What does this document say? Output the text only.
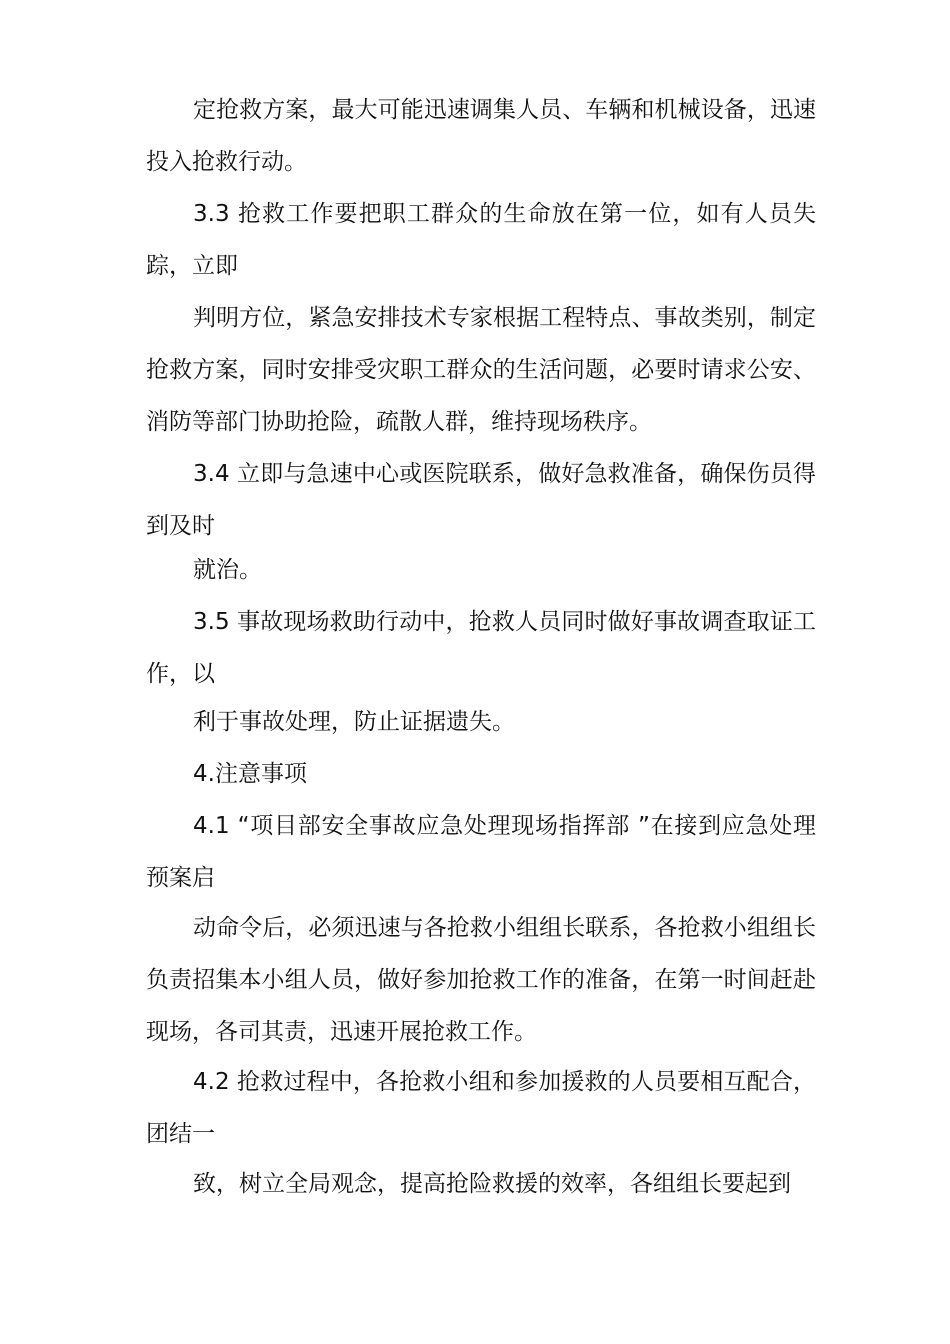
定抢救方案，最大可能迅速调集人员、车辆和机械设备，迅速投入抢救行动。

3.3 抢救工作要把职工群众的生命放在第一位，如有人员失踪，立即

判明方位，紧急安排技术专家根据工程特点、事故类别，制定抢救方案，同时安排受灾职工群众的生活问题，必要时请求公安、消防等部门协助抢险，疏散人群，维持现场秩序。

3.4 立即与急速中心或医院联系，做好急救准备，确保伤员得到及时

就治。

3.5 事故现场救助行动中，抢救人员同时做好事故调查取证工作，以

利于事故处理，防止证据遗失。

4.注意事项

4.1 “项目部安全事故应急处理现场指挥部 ”在接到应急处理预案启

动命令后，必须迅速与各抢救小组组长联系，各抢救小组组长负责招集本小组人员，做好参加抢救工作的准备，在第一时间赶赴现场，各司其责，迅速开展抢救工作。

4.2 抢救过程中，各抢救小组和参加援救的人员要相互配合，团结一

致，树立全局观念，提高抢险救援的效率，各组组长要起到
